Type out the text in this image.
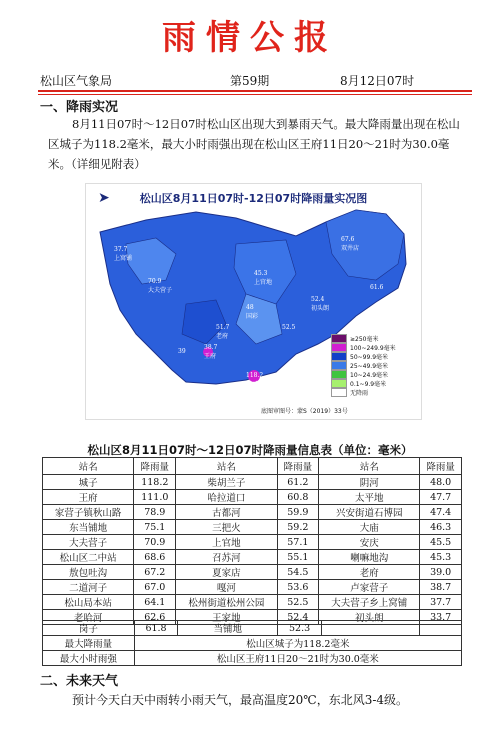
雨情公报
松山区气象局	第59期	8月12日07时
一、降雨实况
8月11日07时～12日07时松山区出现大到暴雨天气。最大降雨量出现在松山区城子为118.2毫米，最大小时雨强出现在松山区王府11日20～21时为30.0毫米。（详细见附表）
松山区8月11日07时-12日07时降雨量实况图
➤
≥250毫米
100~249.9毫米
50~99.9毫米
25~49.9毫米
10~24.9毫米
0.1~9.9毫米
无降雨
底图审图号：蒙S（2019）33号
37.7
上窝铺
70.9
大夫营子
45.3
上官地
48
国彩
51.7
老府
39
67.6
双井店
52.4
初头朗
118.2
城子
38.7
王府
52.5
61.6
松山区8月11日07时～12日07时降雨量信息表（单位：毫米）
站名	降雨量	站名	降雨量	站名	降雨量
城子	118.2	柴胡兰子	61.2	阴河	48.0
王府	111.0	哈拉道口	60.8	太平地	47.7
家营子镇秋山路	78.9	古都河	59.9	兴安街道石博园	47.4
东当铺地	75.1	三把火	59.2	大庙	46.3
大夫营子	70.9	上官地	57.1	安庆	45.5
松山区二中站	68.6	召苏河	55.1	喇嘛地沟	45.3
敖包吐沟	67.2	夏家店	54.5	老府	39.0
二道河子	67.0	嘎河	53.6	卢家营子	38.7
松山局本站	64.1	松州街道松州公园	52.5	大夫营子乡上窝铺	37.7
老哈河	62.6	王家地	52.4	初头朗	33.7
岗子	61.8	当铺地	52.3		
最大降雨量	松山区城子为118.2毫米				
最大小时雨强	松山区王府11日20～21时为30.0毫米				
二、未来天气
预计今天白天中雨转小雨天气，最高温度20℃，东北风3-4级。
